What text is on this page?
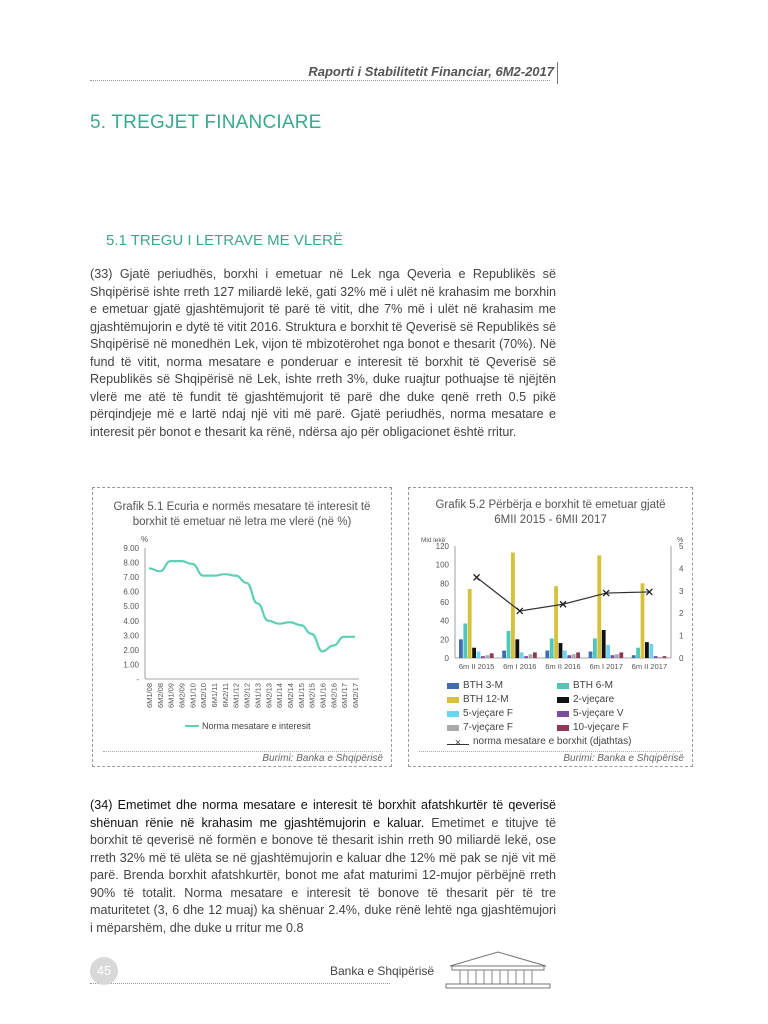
Raporti i Stabilitetit Financiar, 6M2-2017
5. TREGJET FINANCIARE
5.1 TREGU I LETRAVE ME VLERË
(33) Gjatë periudhës, borxhi i emetuar në Lek nga Qeveria e Republikës së Shqipërisë ishte rreth 127 miliardë lekë, gati 32% më i ulët në krahasim me borxhin e emetuar gjatë gjashtëmujorit të parë të vitit, dhe 7% më i ulët në krahasim me gjashtëmujorin e dytë të vitit 2016. Struktura e borxhit të Qeverisë së Republikës së Shqipërisë në monedhën Lek, vijon të mbizotërohet nga bonot e thesarit (70%). Në fund të vitit, norma mesatare e ponderuar e interesit të borxhit të Qeverisë së Republikës së Shqipërisë në Lek, ishte rreth 3%, duke ruajtur pothuajse të njëjtën vlerë me atë të fundit të gjashtëmujorit të parë dhe duke qenë rreth 0.5 pikë përqindjeje më e lartë ndaj një viti më parë. Gjatë periudhës, norma mesatare e interesit për bonot e thesarit ka rënë, ndërsa ajo për obligacionet është rritur.
Grafik 5.1 Ecuria e normës mesatare të interesit të borxhit të emetuar në letra me vlerë (në %)
%
9.00
8.00
7.00
6.00
5.00
4.00
3.00
2.00
1.00
-
6M1/08 6M2/08 6M1/09 6M2/09 6M1/10 6M2/10 6M1/11 6M2/11 6M1/12 6M2/12 6M1/13 6M2/13 6M1/14 6M2/14 6M1/15 6M2/15 6M1/16 6M2/16 6M1/17 6M2/17
Norma mesatare e interesit
Burimi: Banka e Shqipërisë
Grafik 5.2 Përbërja e borxhit të emetuar gjatë 6MII 2015 - 6MII 2017
Mld lekë	%
120
100
80
60
40
20
0
5
4
3
2
1
0
6m II 2015 6m I 2016 6m II 2016 6m I 2017 6m II 2017
BTH 3-M	BTH 6-M
BTH 12-M	2-vjeçare
5-vjeçare F	5-vjeçare V
7-vjeçare F	10-vjeçare F
×	norma mesatare e borxhit (djathtas)
Burimi: Banka e Shqipërisë
(34) Emetimet dhe norma mesatare e interesit të borxhit afatshkurtër të qeverisë shënuan rënie në krahasim me gjashtëmujorin e kaluar. Emetimet e titujve të borxhit të qeverisë në formën e bonove të thesarit ishin rreth 90 miliardë lekë, ose rreth 32% më të ulëta se në gjashtëmujorin e kaluar dhe 12% më pak se një vit më parë. Brenda borxhit afatshkurtër, bonot me afat maturimi 12-mujor përbëjnë rreth 90% të totalit. Norma mesatare e interesit të bonove të thesarit për të tre maturitetet (3, 6 dhe 12 muaj) ka shënuar 2.4%, duke rënë lehtë nga gjashtëmujori i mëparshëm, dhe duke u rritur me 0.8
45	Banka e Shqipërisë
